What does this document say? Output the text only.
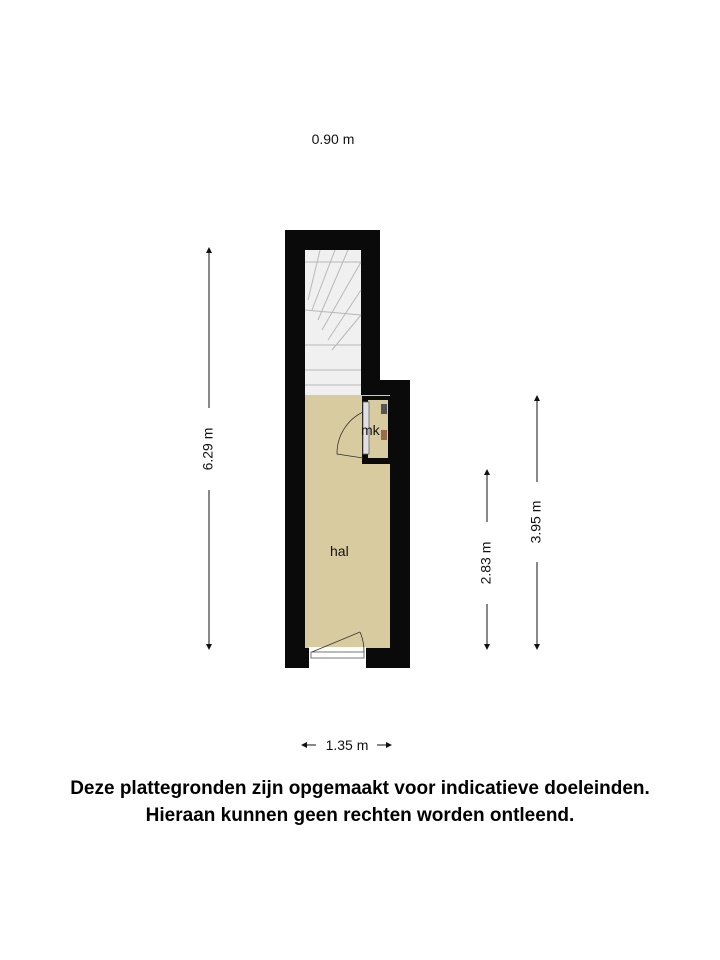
mk
hal
0.90 m
6.29 m
2.83 m
3.95 m
1.35 m
Deze plattegronden zijn opgemaakt voor indicatieve doeleinden.
Hieraan kunnen geen rechten worden ontleend.
